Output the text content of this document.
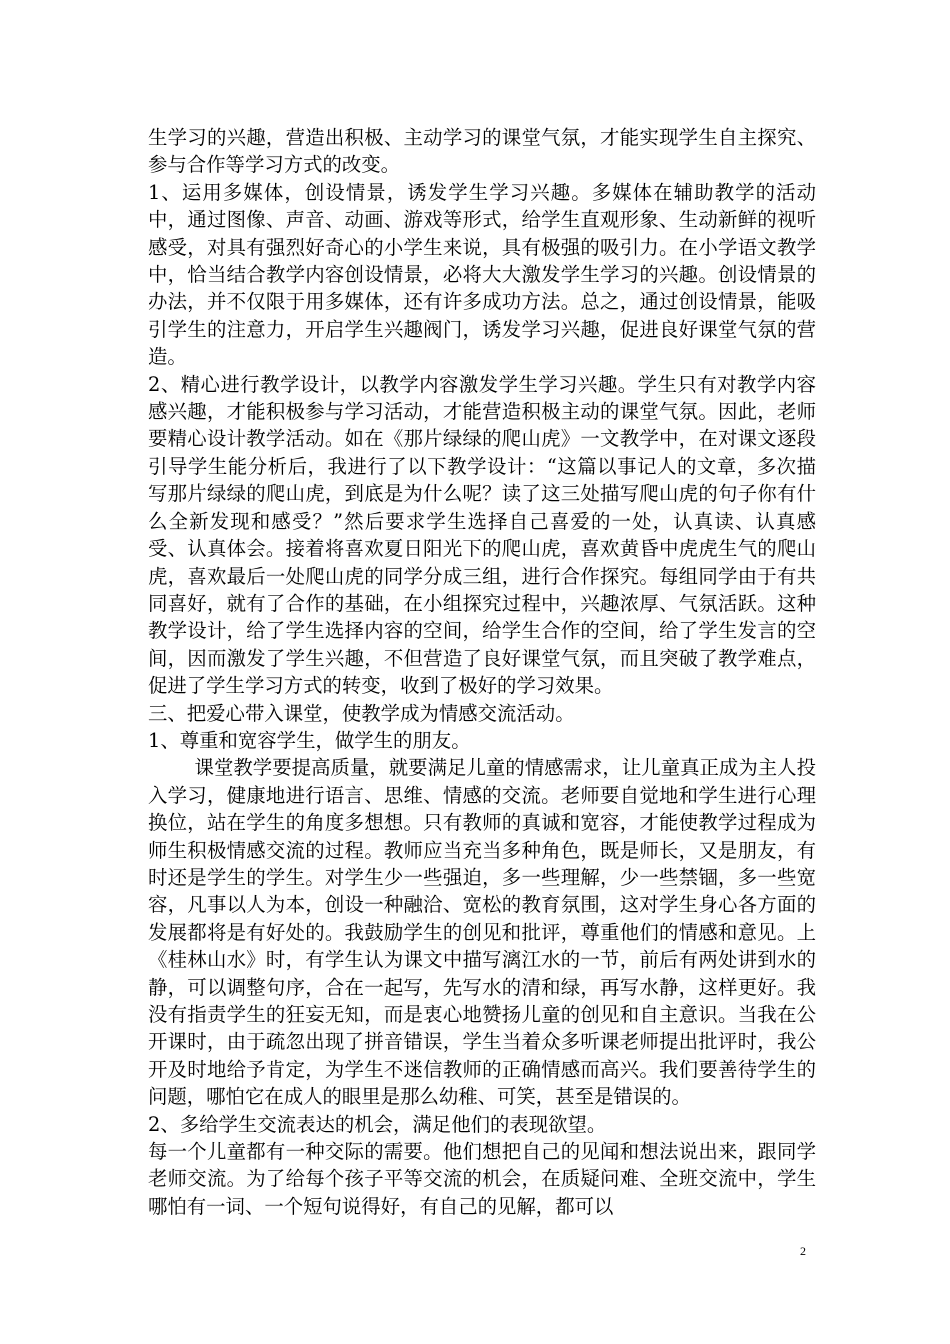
生学习的兴趣，营造出积极、主动学习的课堂气氛，才能实现学生自主探究、参与合作等学习方式的改变。

1、运用多媒体，创设情景，诱发学生学习兴趣。多媒体在辅助教学的活动中，通过图像、声音、动画、游戏等形式，给学生直观形象、生动新鲜的视听感受，对具有强烈好奇心的小学生来说，具有极强的吸引力。在小学语文教学中，恰当结合教学内容创设情景，必将大大激发学生学习的兴趣。创设情景的办法，并不仅限于用多媒体，还有许多成功方法。总之，通过创设情景，能吸引学生的注意力，开启学生兴趣阀门，诱发学习兴趣，促进良好课堂气氛的营造。

2、精心进行教学设计，以教学内容激发学生学习兴趣。学生只有对教学内容感兴趣，才能积极参与学习活动，才能营造积极主动的课堂气氛。因此，老师要精心设计教学活动。如在《那片绿绿的爬山虎》一文教学中，在对课文逐段引导学生能分析后，我进行了以下教学设计：“这篇以事记人的文章，多次描写那片绿绿的爬山虎，到底是为什么呢？读了这三处描写爬山虎的句子你有什么全新发现和感受？”然后要求学生选择自己喜爱的一处，认真读、认真感受、认真体会。接着将喜欢夏日阳光下的爬山虎，喜欢黄昏中虎虎生气的爬山虎，喜欢最后一处爬山虎的同学分成三组，进行合作探究。每组同学由于有共同喜好，就有了合作的基础，在小组探究过程中，兴趣浓厚、气氛活跃。这种教学设计，给了学生选择内容的空间，给学生合作的空间，给了学生发言的空间，因而激发了学生兴趣，不但营造了良好课堂气氛，而且突破了教学难点，促进了学生学习方式的转变，收到了极好的学习效果。

三、把爱心带入课堂，使教学成为情感交流活动。

1、尊重和宽容学生，做学生的朋友。

课堂教学要提高质量，就要满足儿童的情感需求，让儿童真正成为主人投入学习，健康地进行语言、思维、情感的交流。老师要自觉地和学生进行心理换位，站在学生的角度多想想。只有教师的真诚和宽容，才能使教学过程成为师生积极情感交流的过程。教师应当充当多种角色，既是师长，又是朋友，有时还是学生的学生。对学生少一些强迫，多一些理解，少一些禁锢，多一些宽容，凡事以人为本，创设一种融洽、宽松的教育氛围，这对学生身心各方面的发展都将是有好处的。我鼓励学生的创见和批评，尊重他们的情感和意见。上《桂林山水》时，有学生认为课文中描写漓江水的一节，前后有两处讲到水的静，可以调整句序，合在一起写，先写水的清和绿，再写水静，这样更好。我没有指责学生的狂妄无知，而是衷心地赞扬儿童的创见和自主意识。当我在公开课时，由于疏忽出现了拼音错误，学生当着众多听课老师提出批评时，我公开及时地给予肯定，为学生不迷信教师的正确情感而高兴。我们要善待学生的问题，哪怕它在成人的眼里是那么幼稚、可笑，甚至是错误的。

2、多给学生交流表达的机会，满足他们的表现欲望。

每一个儿童都有一种交际的需要。他们想把自己的见闻和想法说出来，跟同学老师交流。为了给每个孩子平等交流的机会，在质疑问难、全班交流中，学生哪怕有一词、一个短句说得好，有自己的见解，都可以

2
